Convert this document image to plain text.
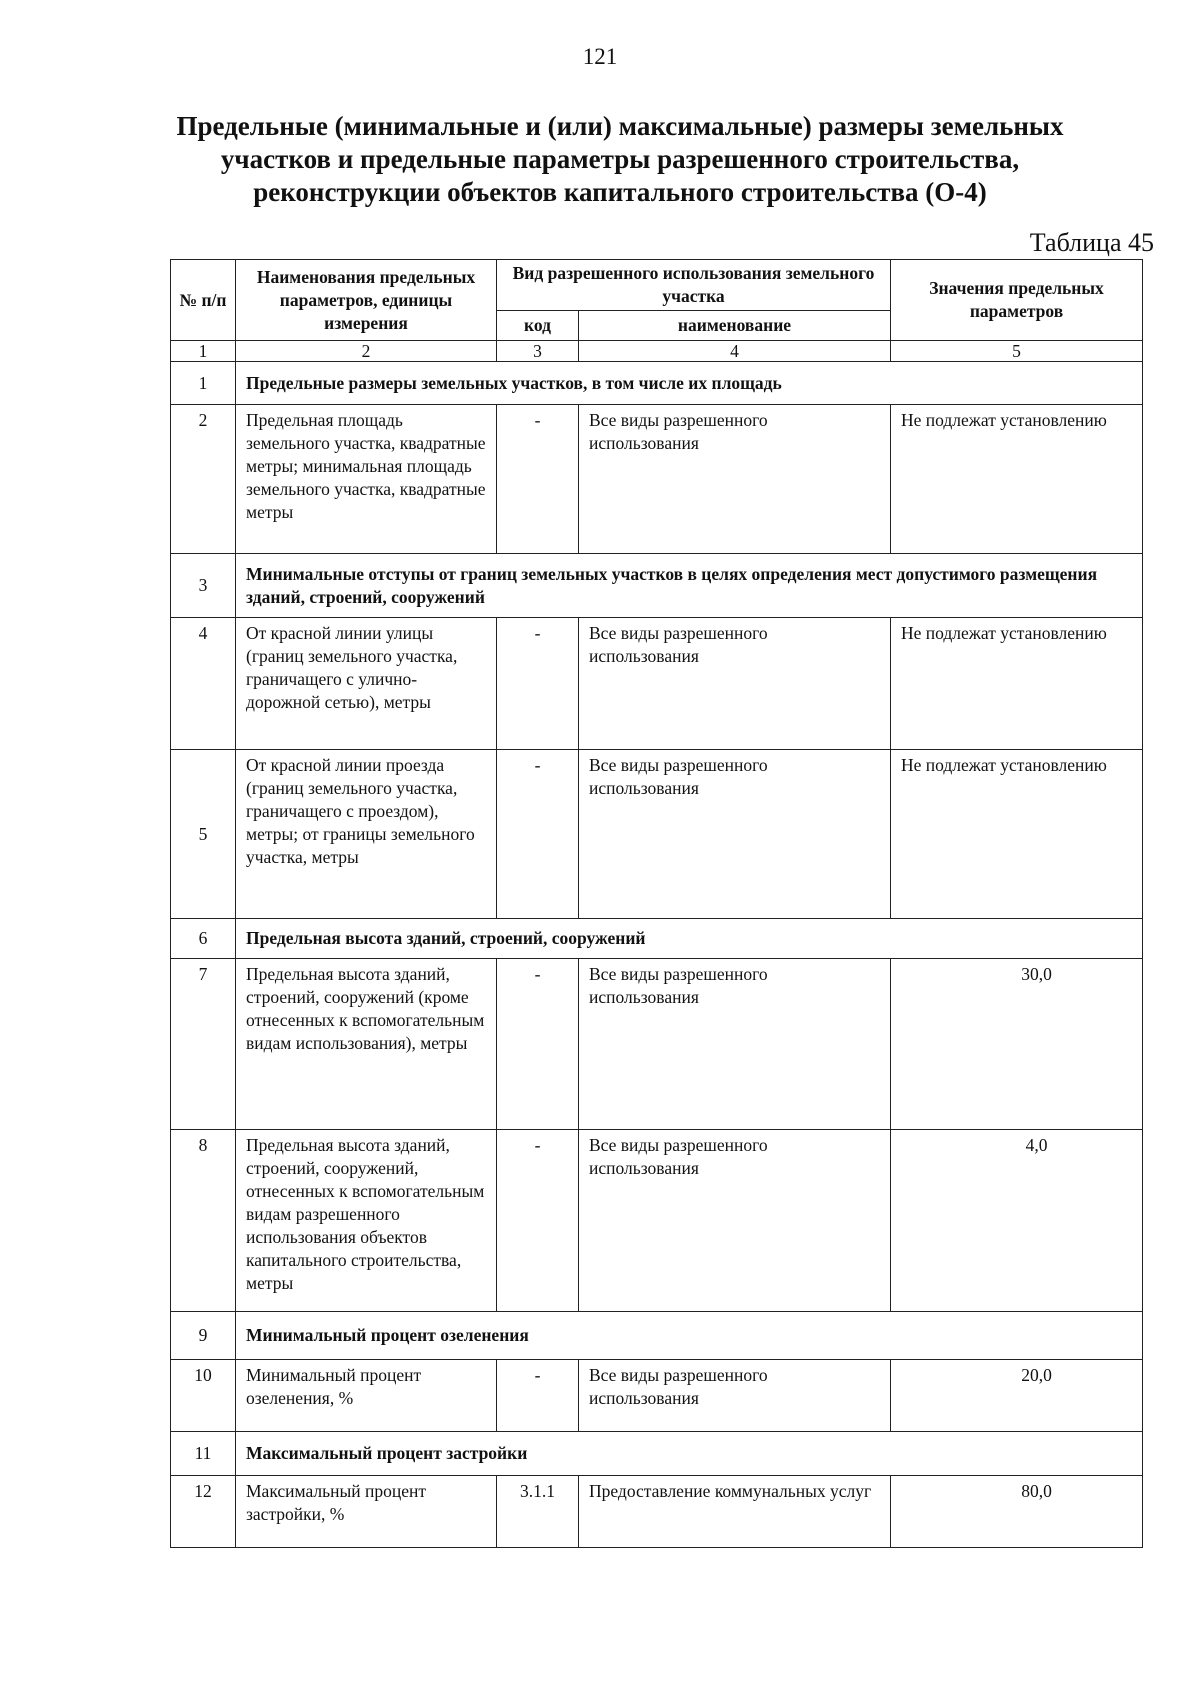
121
Предельные (минимальные и (или) максимальные) размеры земельных
участков и предельные параметры разрешенного строительства,
реконструкции объектов капитального строительства (О-4)
Таблица 45
№ п/п	Наименования предельных параметров, единицы измерения	Вид разрешенного использования земельного участка		Значения предельных параметров
		код	наименование	
1	2	3	4	5
1	Предельные размеры земельных участков, в том числе их площадь			
2	Предельная площадь земельного участка, квадратные метры; минимальная площадь земельного участка, квадратные метры	-	Все виды разрешенного использования	Не подлежат установлению
3	Минимальные отступы от границ земельных участков в целях определения мест допустимого размещения зданий, строений, сооружений			
4	От красной линии улицы (границ земельного участка, граничащего с улично-дорожной сетью), метры	-	Все виды разрешенного использования	Не подлежат установлению
5	От красной линии проезда (границ земельного участка, граничащего с проездом), метры; от границы земельного участка, метры	-	Все виды разрешенного использования	Не подлежат установлению
6	Предельная высота зданий, строений, сооружений			
7	Предельная высота зданий, строений, сооружений (кроме отнесенных к вспомогательным видам использования), метры	-	Все виды разрешенного использования	30,0
8	Предельная высота зданий, строений, сооружений, отнесенных к вспомогательным видам разрешенного использования объектов капитального строительства, метры	-	Все виды разрешенного использования	4,0
9	Минимальный процент озеленения			
10	Минимальный процент озеленения, %	-	Все виды разрешенного использования	20,0
11	Максимальный процент застройки			
12	Максимальный процент застройки, %	3.1.1	Предоставление коммунальных услуг	80,0
